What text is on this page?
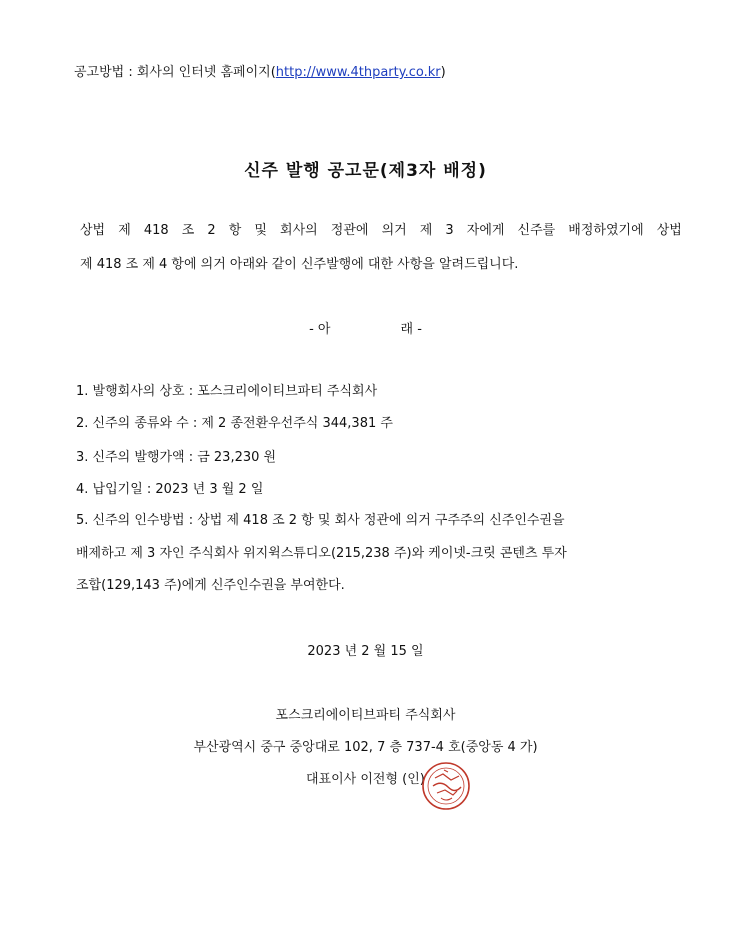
공고방법 : 회사의 인터넷 홈페이지(http://www.4thparty.co.kr)
신주 발행 공고문(제3자 배정)
상법 제 418 조 2 항 및 회사의 정관에 의거 제 3 자에게 신주를 배정하였기에 상법
제 418 조 제 4 항에 의거 아래와 같이 신주발행에 대한 사항을 알려드립니다.
- 아	래 -
1. 발행회사의 상호 : 포스크리에이티브파티 주식회사
2. 신주의 종류와 수 : 제 2 종전환우선주식 344,381 주
3. 신주의 발행가액 : 금 23,230 원
4. 납입기일 : 2023 년 3 월 2 일
5. 신주의 인수방법 : 상법 제 418 조 2 항 및 회사 정관에 의거 구주주의 신주인수권을
배제하고 제 3 자인 주식회사 위지윅스튜디오(215,238 주)와 케이넷-크릿 콘텐츠 투자
조합(129,143 주)에게 신주인수권을 부여한다.
2023 년 2 월 15 일
포스크리에이티브파티 주식회사
부산광역시 중구 중앙대로 102, 7 층 737-4 호(중앙동 4 가)
대표이사 이전형 (인)
